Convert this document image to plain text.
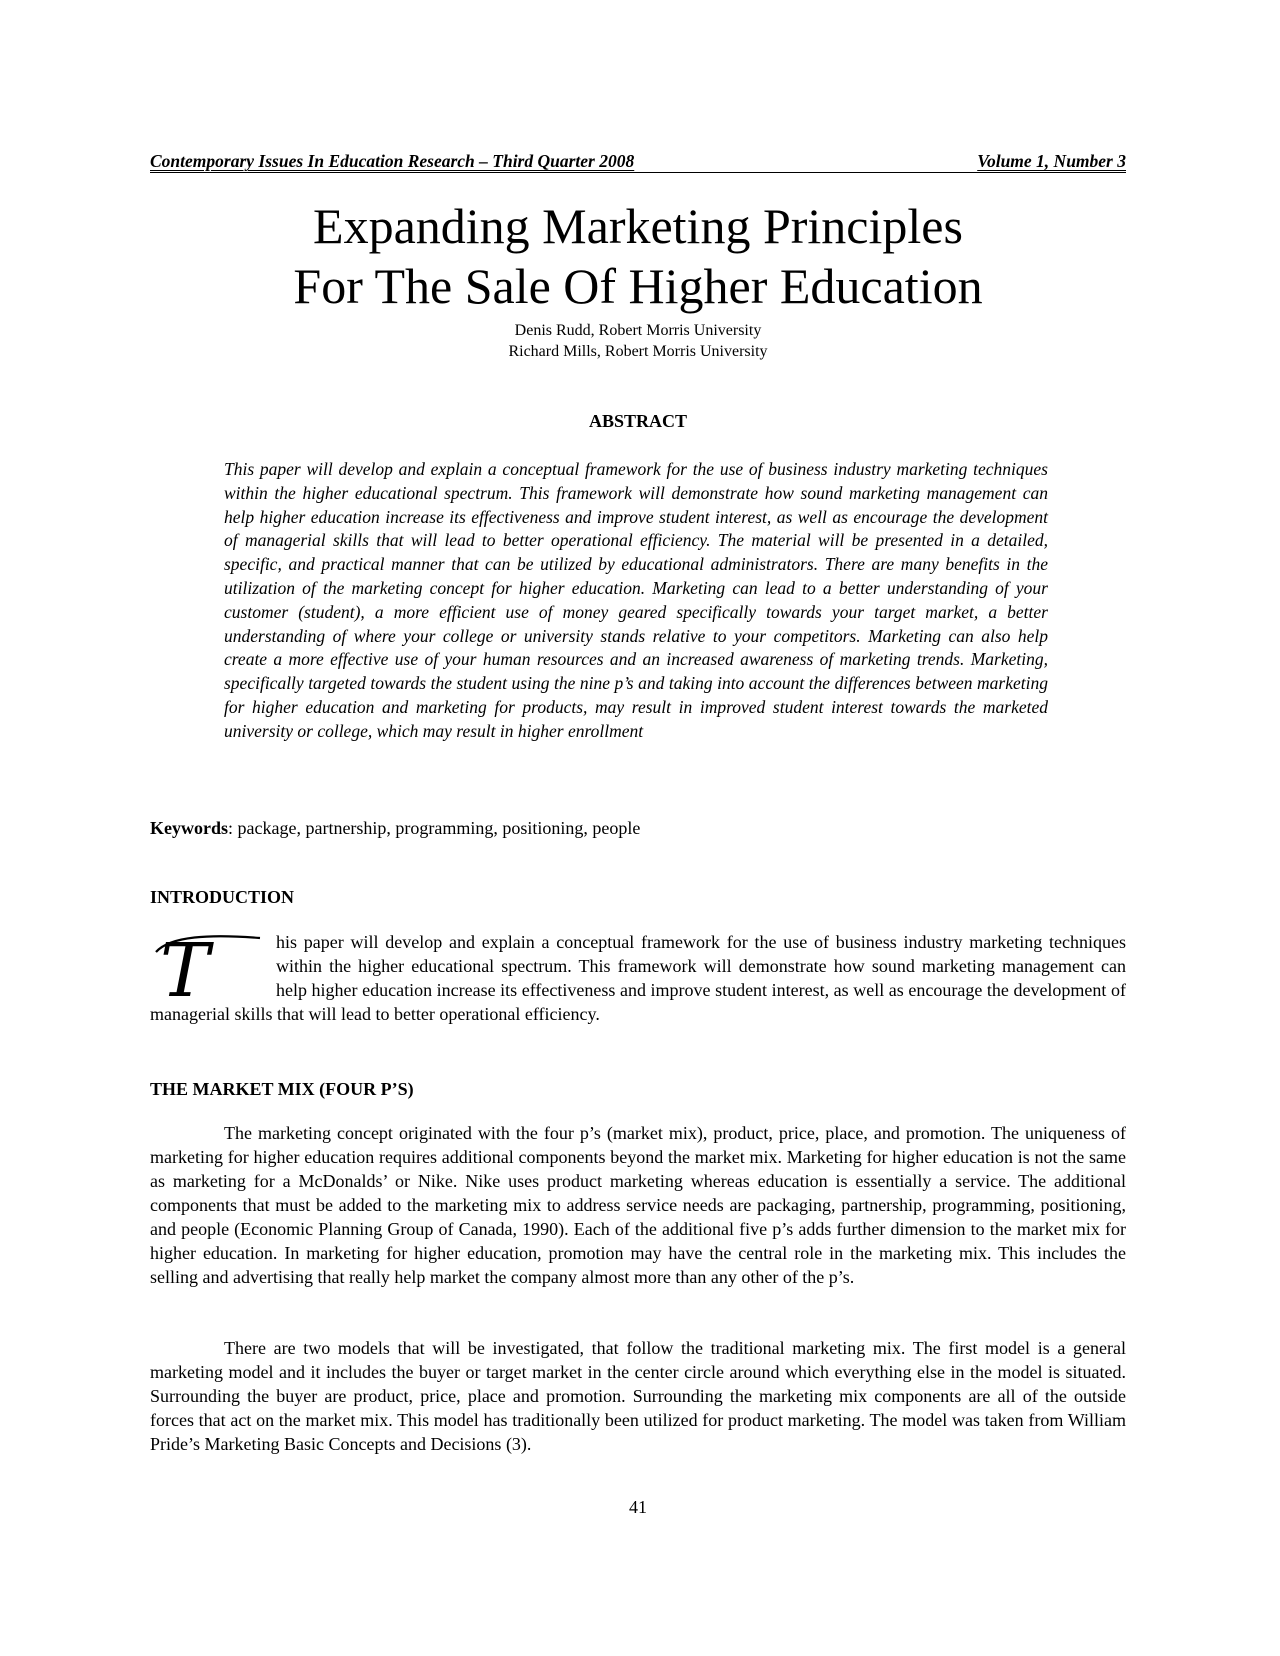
Contemporary Issues In Education Research – Third Quarter 2008	Volume 1, Number 3
Expanding Marketing Principles
For The Sale Of Higher Education
Denis Rudd, Robert Morris University
Richard Mills, Robert Morris University
ABSTRACT

This paper will develop and explain a conceptual framework for the use of business industry marketing techniques within the higher educational spectrum. This framework will demonstrate how sound marketing management can help higher education increase its effectiveness and improve student interest, as well as encourage the development of managerial skills that will lead to better operational efficiency. The material will be presented in a detailed, specific, and practical manner that can be utilized by educational administrators. There are many benefits in the utilization of the marketing concept for higher education. Marketing can lead to a better understanding of your customer (student), a more efficient use of money geared specifically towards your target market, a better understanding of where your college or university stands relative to your competitors. Marketing can also help create a more effective use of your human resources and an increased awareness of marketing trends. Marketing, specifically targeted towards the student using the nine p’s and taking into account the differences between marketing for higher education and marketing for products, may result in improved student interest towards the marketed university or college, which may result in higher enrollment

Keywords: package, partnership, programming, positioning, people
INTRODUCTION

T	his paper will develop and explain a conceptual framework for the use of business industry marketing techniques within the higher educational spectrum. This framework will demonstrate how sound marketing management can help higher education increase its effectiveness and improve student interest, as well as encourage the development of managerial skills that will lead to better operational efficiency.

THE MARKET MIX (FOUR P’S)

The marketing concept originated with the four p’s (market mix), product, price, place, and promotion. The uniqueness of marketing for higher education requires additional components beyond the market mix. Marketing for higher education is not the same as marketing for a McDonalds’ or Nike. Nike uses product marketing whereas education is essentially a service. The additional components that must be added to the marketing mix to address service needs are packaging, partnership, programming, positioning, and people (Economic Planning Group of Canada, 1990). Each of the additional five p’s adds further dimension to the market mix for higher education. In marketing for higher education, promotion may have the central role in the marketing mix. This includes the selling and advertising that really help market the company almost more than any other of the p’s.

There are two models that will be investigated, that follow the traditional marketing mix. The first model is a general marketing model and it includes the buyer or target market in the center circle around which everything else in the model is situated. Surrounding the buyer are product, price, place and promotion. Surrounding the marketing mix components are all of the outside forces that act on the market mix. This model has traditionally been utilized for product marketing. The model was taken from William Pride’s Marketing Basic Concepts and Decisions (3).

41
